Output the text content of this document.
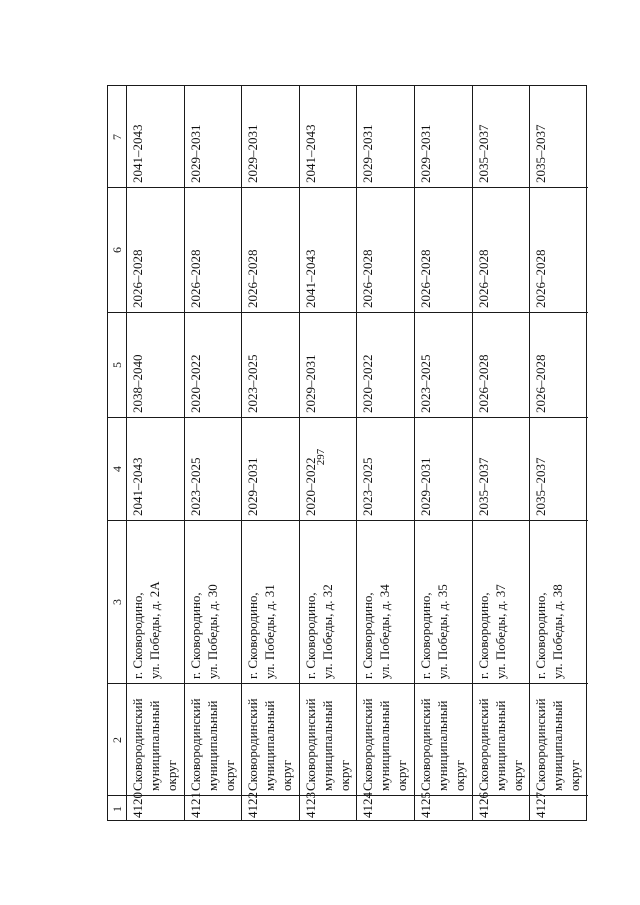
297
7
6
5
4
3
2
1
2041–2043
2026–2028
2038–2040
2041–2043
г. Сковородино, ул. Победы, д. 2А
Сковородинский муниципальный округ
4120
2029–2031
2026–2028
2020–2022
2023–2025
г. Сковородино, ул. Победы, д. 30
Сковородинский муниципальный округ
4121
2029–2031
2026–2028
2023–2025
2029–2031
г. Сковородино, ул. Победы, д. 31
Сковородинский муниципальный округ
4122
2041–2043
2041–2043
2029–2031
2020–2022
г. Сковородино, ул. Победы, д. 32
Сковородинский муниципальный округ
4123
2029–2031
2026–2028
2020–2022
2023–2025
г. Сковородино, ул. Победы, д. 34
Сковородинский муниципальный округ
4124
2029–2031
2026–2028
2023–2025
2029–2031
г. Сковородино, ул. Победы, д. 35
Сковородинский муниципальный округ
4125
2035–2037
2026–2028
2026–2028
2035–2037
г. Сковородино, ул. Победы, д. 37
Сковородинский муниципальный округ
4126
2035–2037
2026–2028
2026–2028
2035–2037
г. Сковородино, ул. Победы, д. 38
Сковородинский муниципальный округ
4127
